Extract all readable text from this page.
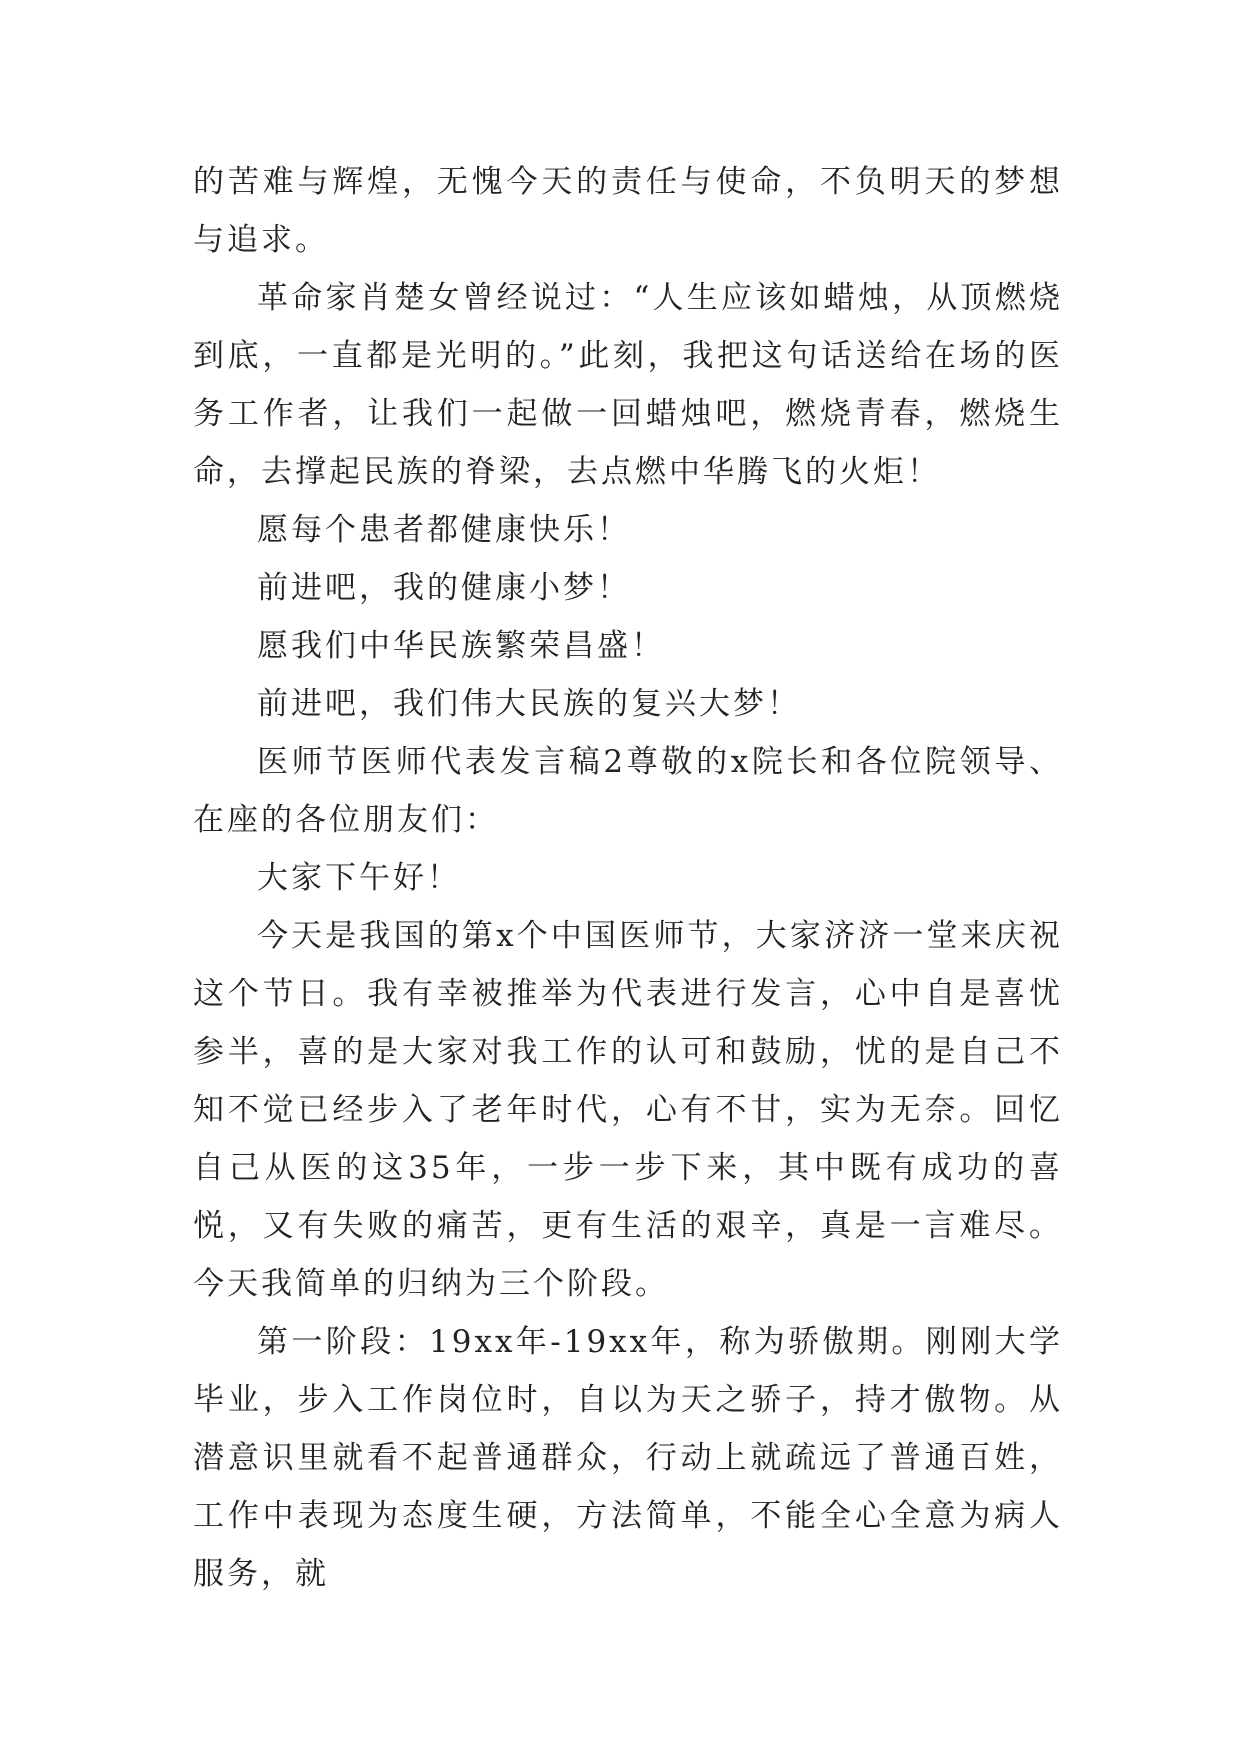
的苦难与辉煌，无愧今天的责任与使命，不负明天的梦想与追求。

革命家肖楚女曾经说过：“人生应该如蜡烛，从顶燃烧到底，一直都是光明的。”此刻，我把这句话送给在场的医务工作者，让我们一起做一回蜡烛吧，燃烧青春，燃烧生命，去撑起民族的脊梁，去点燃中华腾飞的火炬！

愿每个患者都健康快乐！

前进吧，我的健康小梦！

愿我们中华民族繁荣昌盛！

前进吧，我们伟大民族的复兴大梦！

医师节医师代表发言稿2尊敬的x院长和各位院领导、在座的各位朋友们：

大家下午好！

今天是我国的第x个中国医师节，大家济济一堂来庆祝这个节日。我有幸被推举为代表进行发言，心中自是喜忧参半，喜的是大家对我工作的认可和鼓励，忧的是自己不知不觉已经步入了老年时代，心有不甘，实为无奈。回忆自己从医的这35年，一步一步下来，其中既有成功的喜悦，又有失败的痛苦，更有生活的艰辛，真是一言难尽。今天我简单的归纳为三个阶段。

第一阶段：19xx年-19xx年，称为骄傲期。刚刚大学毕业，步入工作岗位时，自以为天之骄子，持才傲物。从潜意识里就看不起普通群众，行动上就疏远了普通百姓，工作中表现为态度生硬，方法简单，不能全心全意为病人服务，就
